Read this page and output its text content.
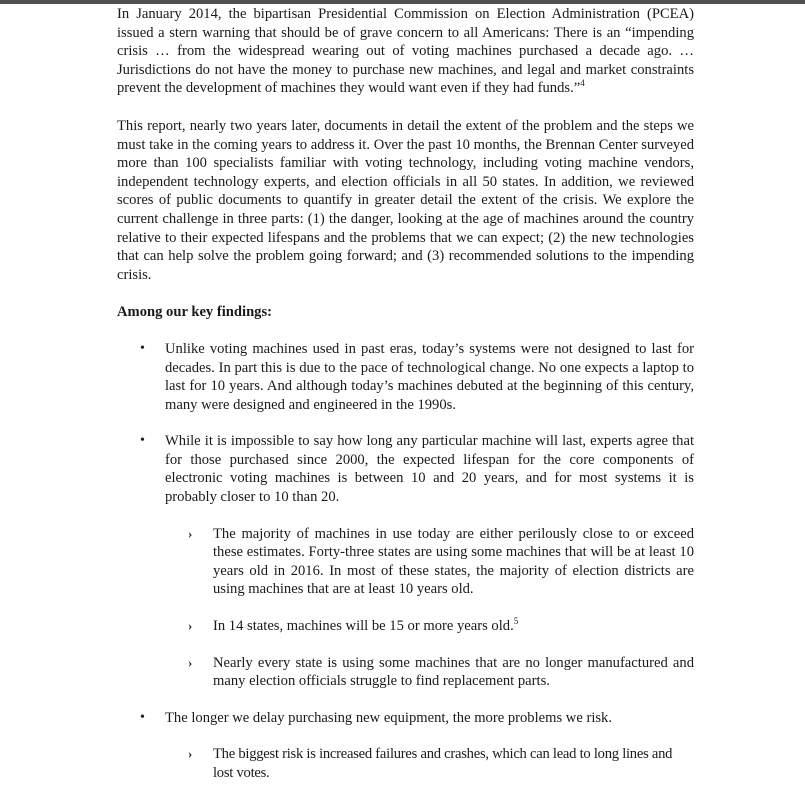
In January 2014, the bipartisan Presidential Commission on Election Administration (PCEA) issued a stern warning that should be of grave concern to all Americans: There is an “impending crisis … from the widespread wearing out of voting machines purchased a decade ago. … Jurisdictions do not have the money to purchase new machines, and legal and market constraints prevent the development of machines they would want even if they had funds.”$^4$

This report, nearly two years later, documents in detail the extent of the problem and the steps we must take in the coming years to address it. Over the past 10 months, the Brennan Center surveyed more than 100 specialists familiar with voting technology, including voting machine vendors, independent technology experts, and election officials in all 50 states. In addition, we reviewed scores of public documents to quantify in greater detail the extent of the crisis. We explore the current challenge in three parts: (1) the danger, looking at the age of machines around the country relative to their expected lifespans and the problems that we can expect; (2) the new technologies that can help solve the problem going forward; and (3) recommended solutions to the impending crisis.

Among our key findings:

• Unlike voting machines used in past eras, today’s systems were not designed to last for decades. In part this is due to the pace of technological change. No one expects a laptop to last for 10 years. And although today’s machines debuted at the beginning of this century, many were designed and engineered in the 1990s.
• While it is impossible to say how long any particular machine will last, experts agree that for those purchased since 2000, the expected lifespan for the core components of electronic voting machines is between 10 and 20 years, and for most systems it is probably closer to 10 than 20.
› The majority of machines in use today are either perilously close to or exceed these estimates. Forty-three states are using some machines that will be at least 10 years old in 2016. In most of these states, the majority of election districts are using machines that are at least 10 years old.
› In 14 states, machines will be 15 or more years old.$^5$
› Nearly every state is using some machines that are no longer manufactured and many election officials struggle to find replacement parts.
• The longer we delay purchasing new equipment, the more problems we risk.
› The biggest risk is increased failures and crashes, which can lead to long lines and lost votes.
